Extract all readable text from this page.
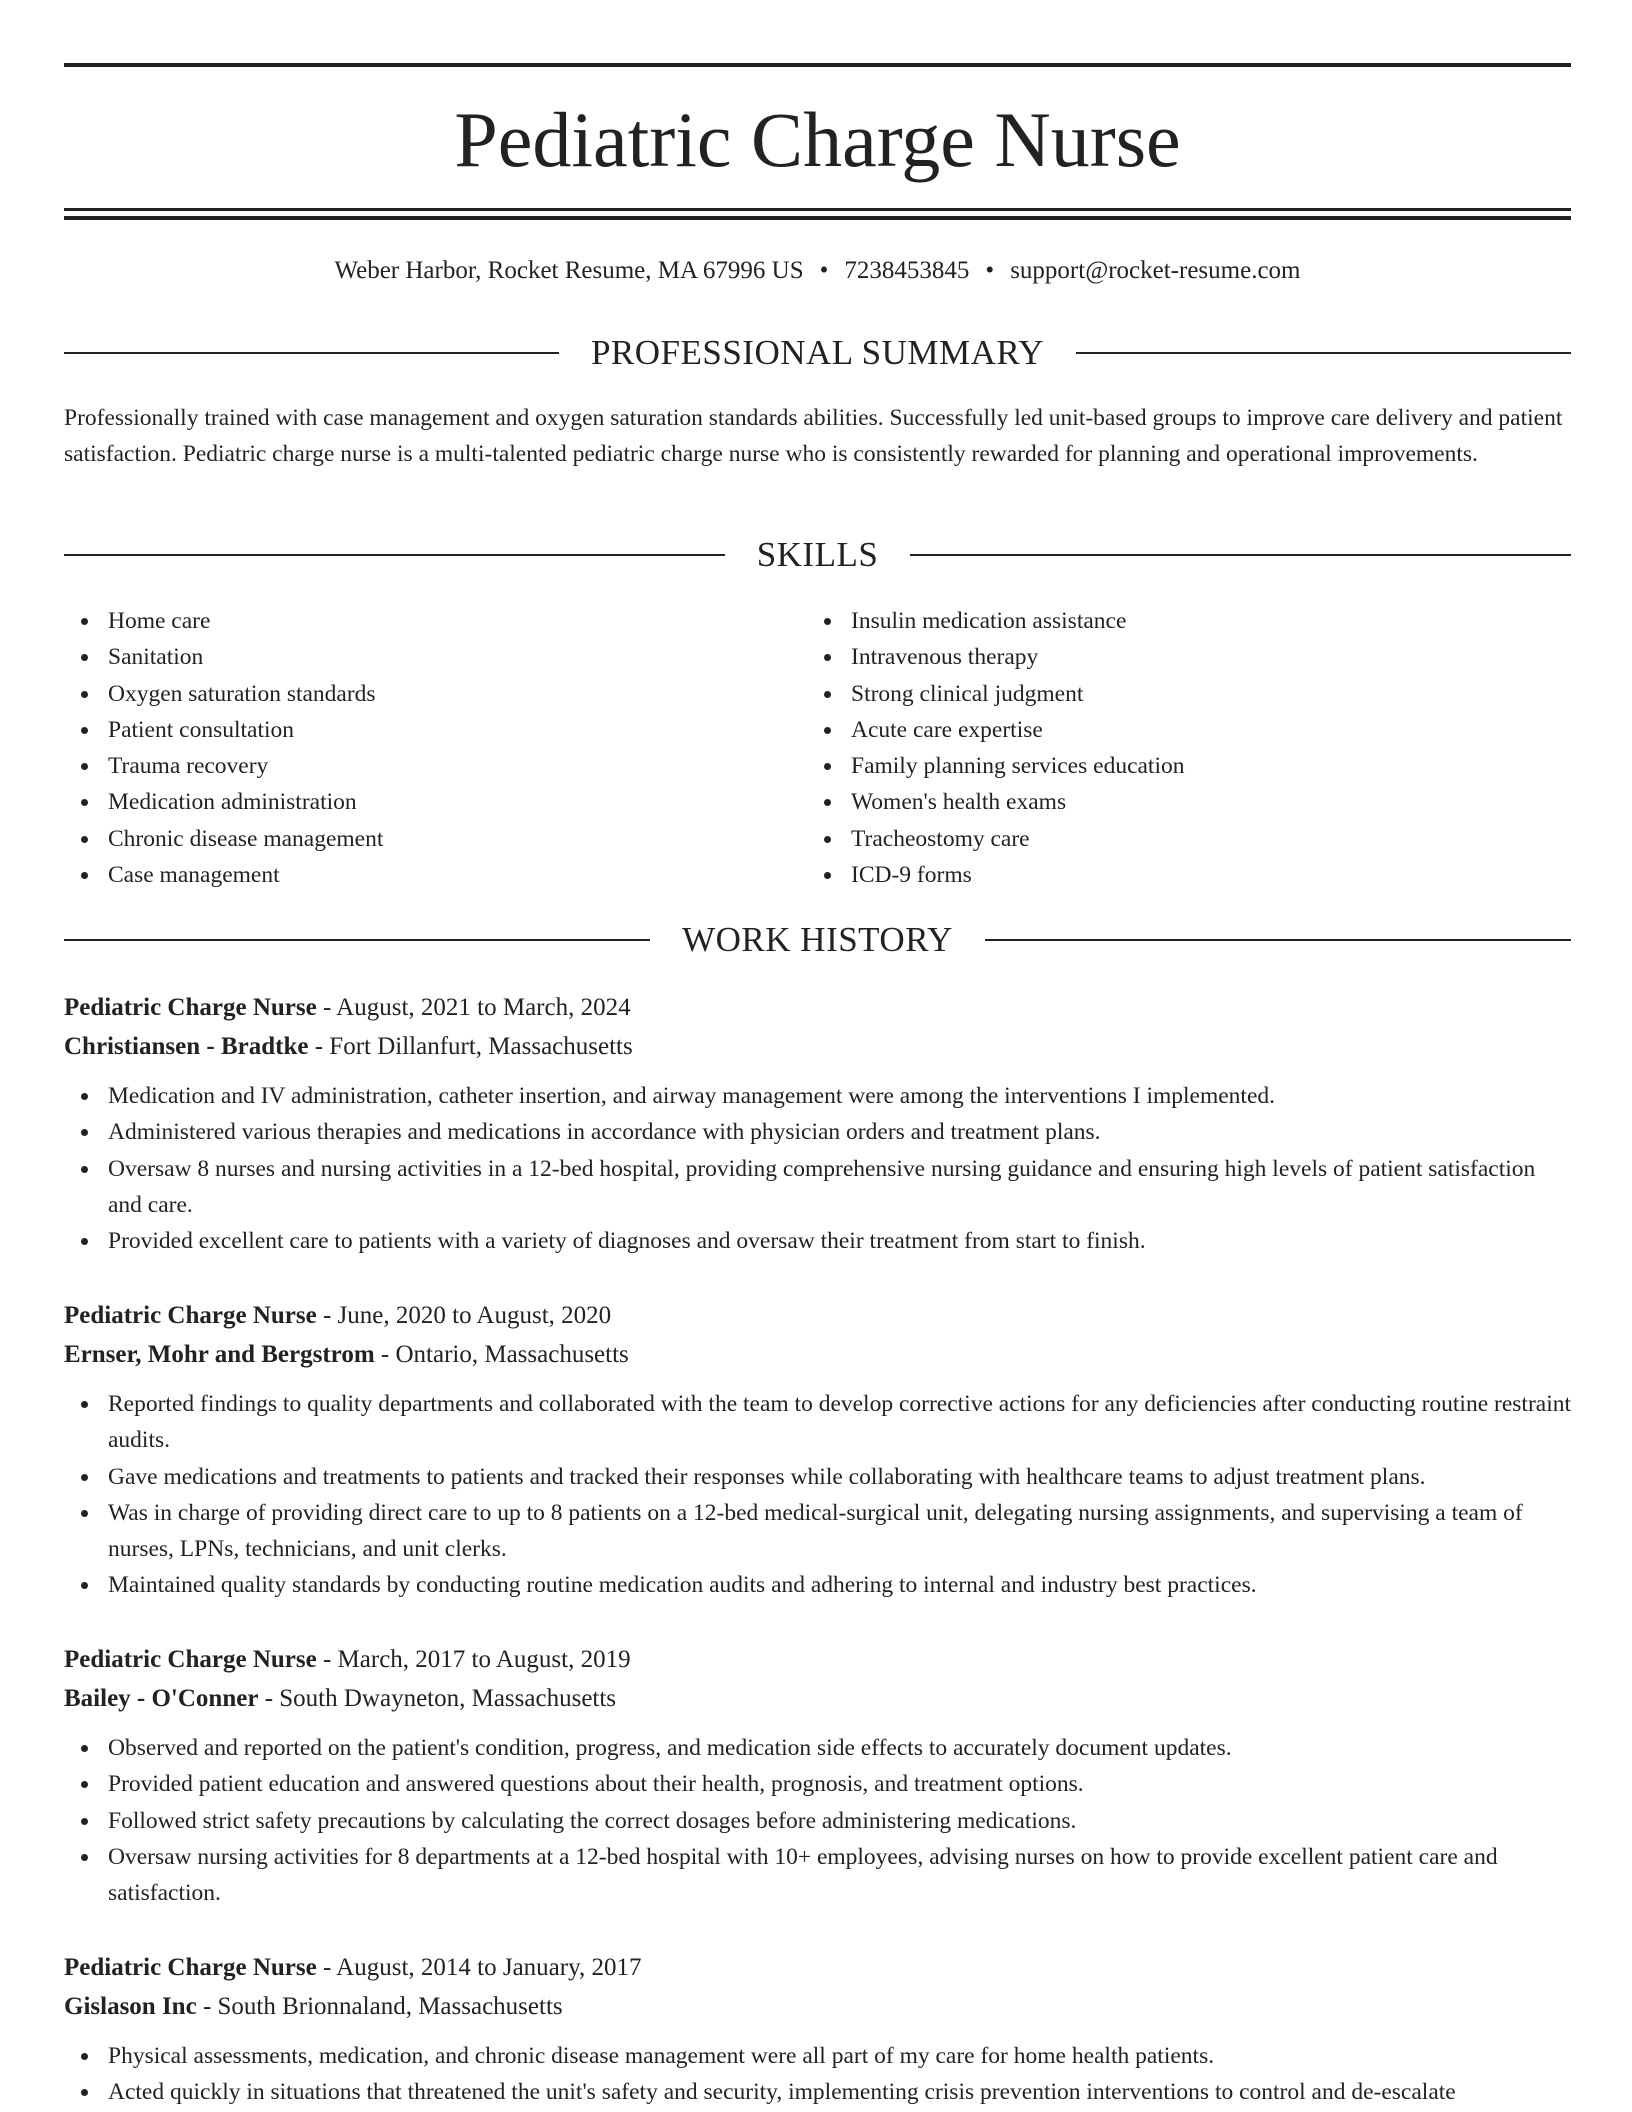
Pediatric Charge Nurse
Weber Harbor, Rocket Resume, MA 67996 US • 7238453845 • support@rocket-resume.com
PROFESSIONAL SUMMARY

Professionally trained with case management and oxygen saturation standards abilities. Successfully led unit-based groups to improve care delivery and patient satisfaction. Pediatric charge nurse is a multi-talented pediatric charge nurse who is consistently rewarded for planning and operational improvements.

SKILLS
Home care
Sanitation
Oxygen saturation standards
Patient consultation
Trauma recovery
Medication administration
Chronic disease management
Case management
Insulin medication assistance
Intravenous therapy
Strong clinical judgment
Acute care expertise
Family planning services education
Women's health exams
Tracheostomy care
ICD-9 forms
WORK HISTORY
Pediatric Charge Nurse - August, 2021 to March, 2024
Christiansen - Bradtke - Fort Dillanfurt, Massachusetts
Medication and IV administration, catheter insertion, and airway management were among the interventions I implemented.
Administered various therapies and medications in accordance with physician orders and treatment plans.
Oversaw 8 nurses and nursing activities in a 12-bed hospital, providing comprehensive nursing guidance and ensuring high levels of patient satisfaction and care.
Provided excellent care to patients with a variety of diagnoses and oversaw their treatment from start to finish.
Pediatric Charge Nurse - June, 2020 to August, 2020
Ernser, Mohr and Bergstrom - Ontario, Massachusetts
Reported findings to quality departments and collaborated with the team to develop corrective actions for any deficiencies after conducting routine restraint audits.
Gave medications and treatments to patients and tracked their responses while collaborating with healthcare teams to adjust treatment plans.
Was in charge of providing direct care to up to 8 patients on a 12-bed medical-surgical unit, delegating nursing assignments, and supervising a team of nurses, LPNs, technicians, and unit clerks.
Maintained quality standards by conducting routine medication audits and adhering to internal and industry best practices.
Pediatric Charge Nurse - March, 2017 to August, 2019
Bailey - O'Conner - South Dwayneton, Massachusetts
Observed and reported on the patient's condition, progress, and medication side effects to accurately document updates.
Provided patient education and answered questions about their health, prognosis, and treatment options.
Followed strict safety precautions by calculating the correct dosages before administering medications.
Oversaw nursing activities for 8 departments at a 12-bed hospital with 10+ employees, advising nurses on how to provide excellent patient care and satisfaction.
Pediatric Charge Nurse - August, 2014 to January, 2017
Gislason Inc - South Brionnaland, Massachusetts
Physical assessments, medication, and chronic disease management were all part of my care for home health patients.
Acted quickly in situations that threatened the unit's safety and security, implementing crisis prevention interventions to control and de-escalate
